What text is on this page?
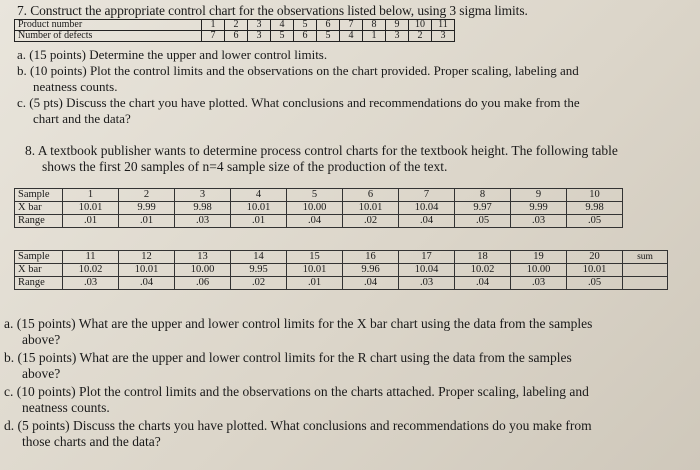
7. Construct the appropriate control chart for the observations listed below, using 3 sigma limits.
Product number	1	2	3	4	5	6	7	8	9	10	11
Number of defects	7	6	3	5	6	5	4	1	3	2	3
a. (15 points) Determine the upper and lower control limits.
b. (10 points) Plot the control limits and the observations on the chart provided. Proper scaling, labeling and
neatness counts.
c. (5 pts) Discuss the chart you have plotted. What conclusions and recommendations do you make from the
chart and the data?
8. A textbook publisher wants to determine process control charts for the textbook height. The following table
shows the first 20 samples of n=4 sample size of the production of the text.
Sample	1	2	3	4	5	6	7	8	9	10
X bar	10.01	9.99	9.98	10.01	10.00	10.01	10.04	9.97	9.99	9.98
Range	.01	.01	.03	.01	.04	.02	.04	.05	.03	.05
Sample	11	12	13	14	15	16	17	18	19	20	sum
X bar	10.02	10.01	10.00	9.95	10.01	9.96	10.04	10.02	10.00	10.01	
Range	.03	.04	.06	.02	.01	.04	.03	.04	.03	.05	
a. (15 points) What are the upper and lower control limits for the X bar chart using the data from the samples
above?
b. (15 points) What are the upper and lower control limits for the R chart using the data from the samples
above?
c. (10 points) Plot the control limits and the observations on the charts attached. Proper scaling, labeling and
neatness counts.
d. (5 points) Discuss the charts you have plotted. What conclusions and recommendations do you make from
those charts and the data?
